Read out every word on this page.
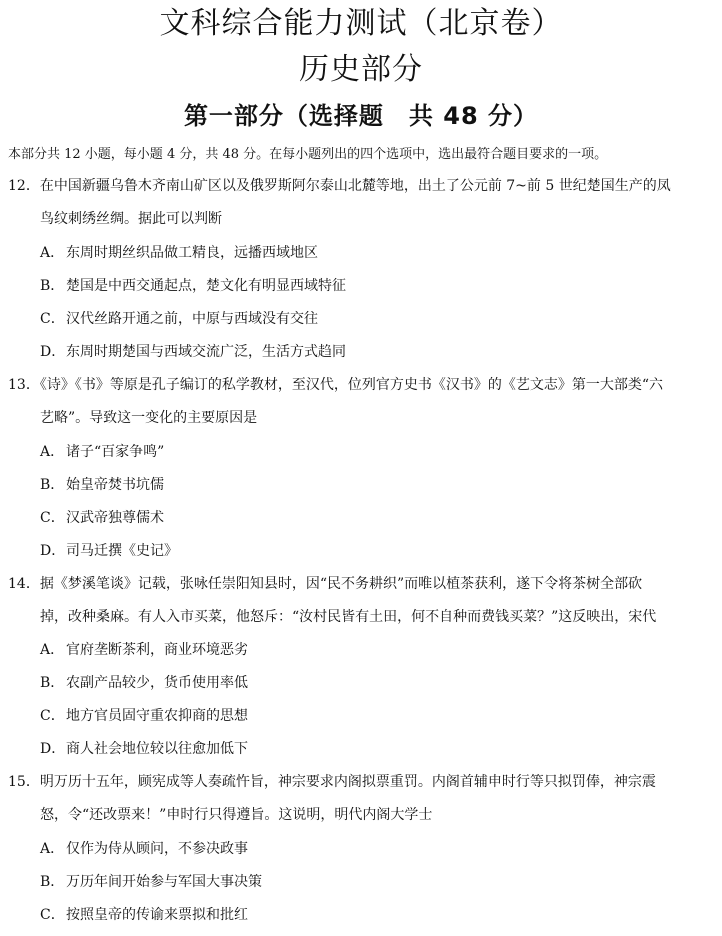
文科综合能力测试（北京卷）
历史部分
第一部分（选择题　共 48 分）

本部分共 12 小题，每小题 4 分，共 48 分。在每小题列出的四个选项中，选出最符合题目要求的一项。

12．在中国新疆乌鲁木齐南山矿区以及俄罗斯阿尔泰山北麓等地，出土了公元前 7~前 5 世纪楚国生产的凤
鸟纹刺绣丝绸。据此可以判断
A． 东周时期丝织品做工精良，远播西域地区
B． 楚国是中西交通起点，楚文化有明显西域特征
C．汉代丝路开通之前，中原与西域没有交往
D．东周时期楚国与西域交流广泛，生活方式趋同
13．《诗》《书》等原是孔子编订的私学教材，至汉代，位列官方史书《汉书》的《艺文志》第一大部类“六
艺略”。导致这一变化的主要原因是
A． 诸子“百家争鸣”
B． 始皇帝焚书坑儒
C．汉武帝独尊儒术
D．司马迁撰《史记》
14．据《梦溪笔谈》记载，张咏任崇阳知县时，因“民不务耕织”而唯以植茶获利，遂下令将茶树全部砍
掉，改种桑麻。有人入市买菜，他怒斥：“汝村民皆有土田，何不自种而费钱买菜？”这反映出，宋代
A． 官府垄断茶利，商业环境恶劣
B． 农副产品较少，货币使用率低
C．地方官员固守重农抑商的思想
D．商人社会地位较以往愈加低下
15．明万历十五年，顾宪成等人奏疏忤旨，神宗要求内阁拟票重罚。内阁首辅申时行等只拟罚俸，神宗震
怒，令“还改票来！”申时行只得遵旨。这说明，明代内阁大学士
A． 仅作为侍从顾问，不参决政事
B． 万历年间开始参与军国大事决策
C．按照皇帝的传谕来票拟和批红
